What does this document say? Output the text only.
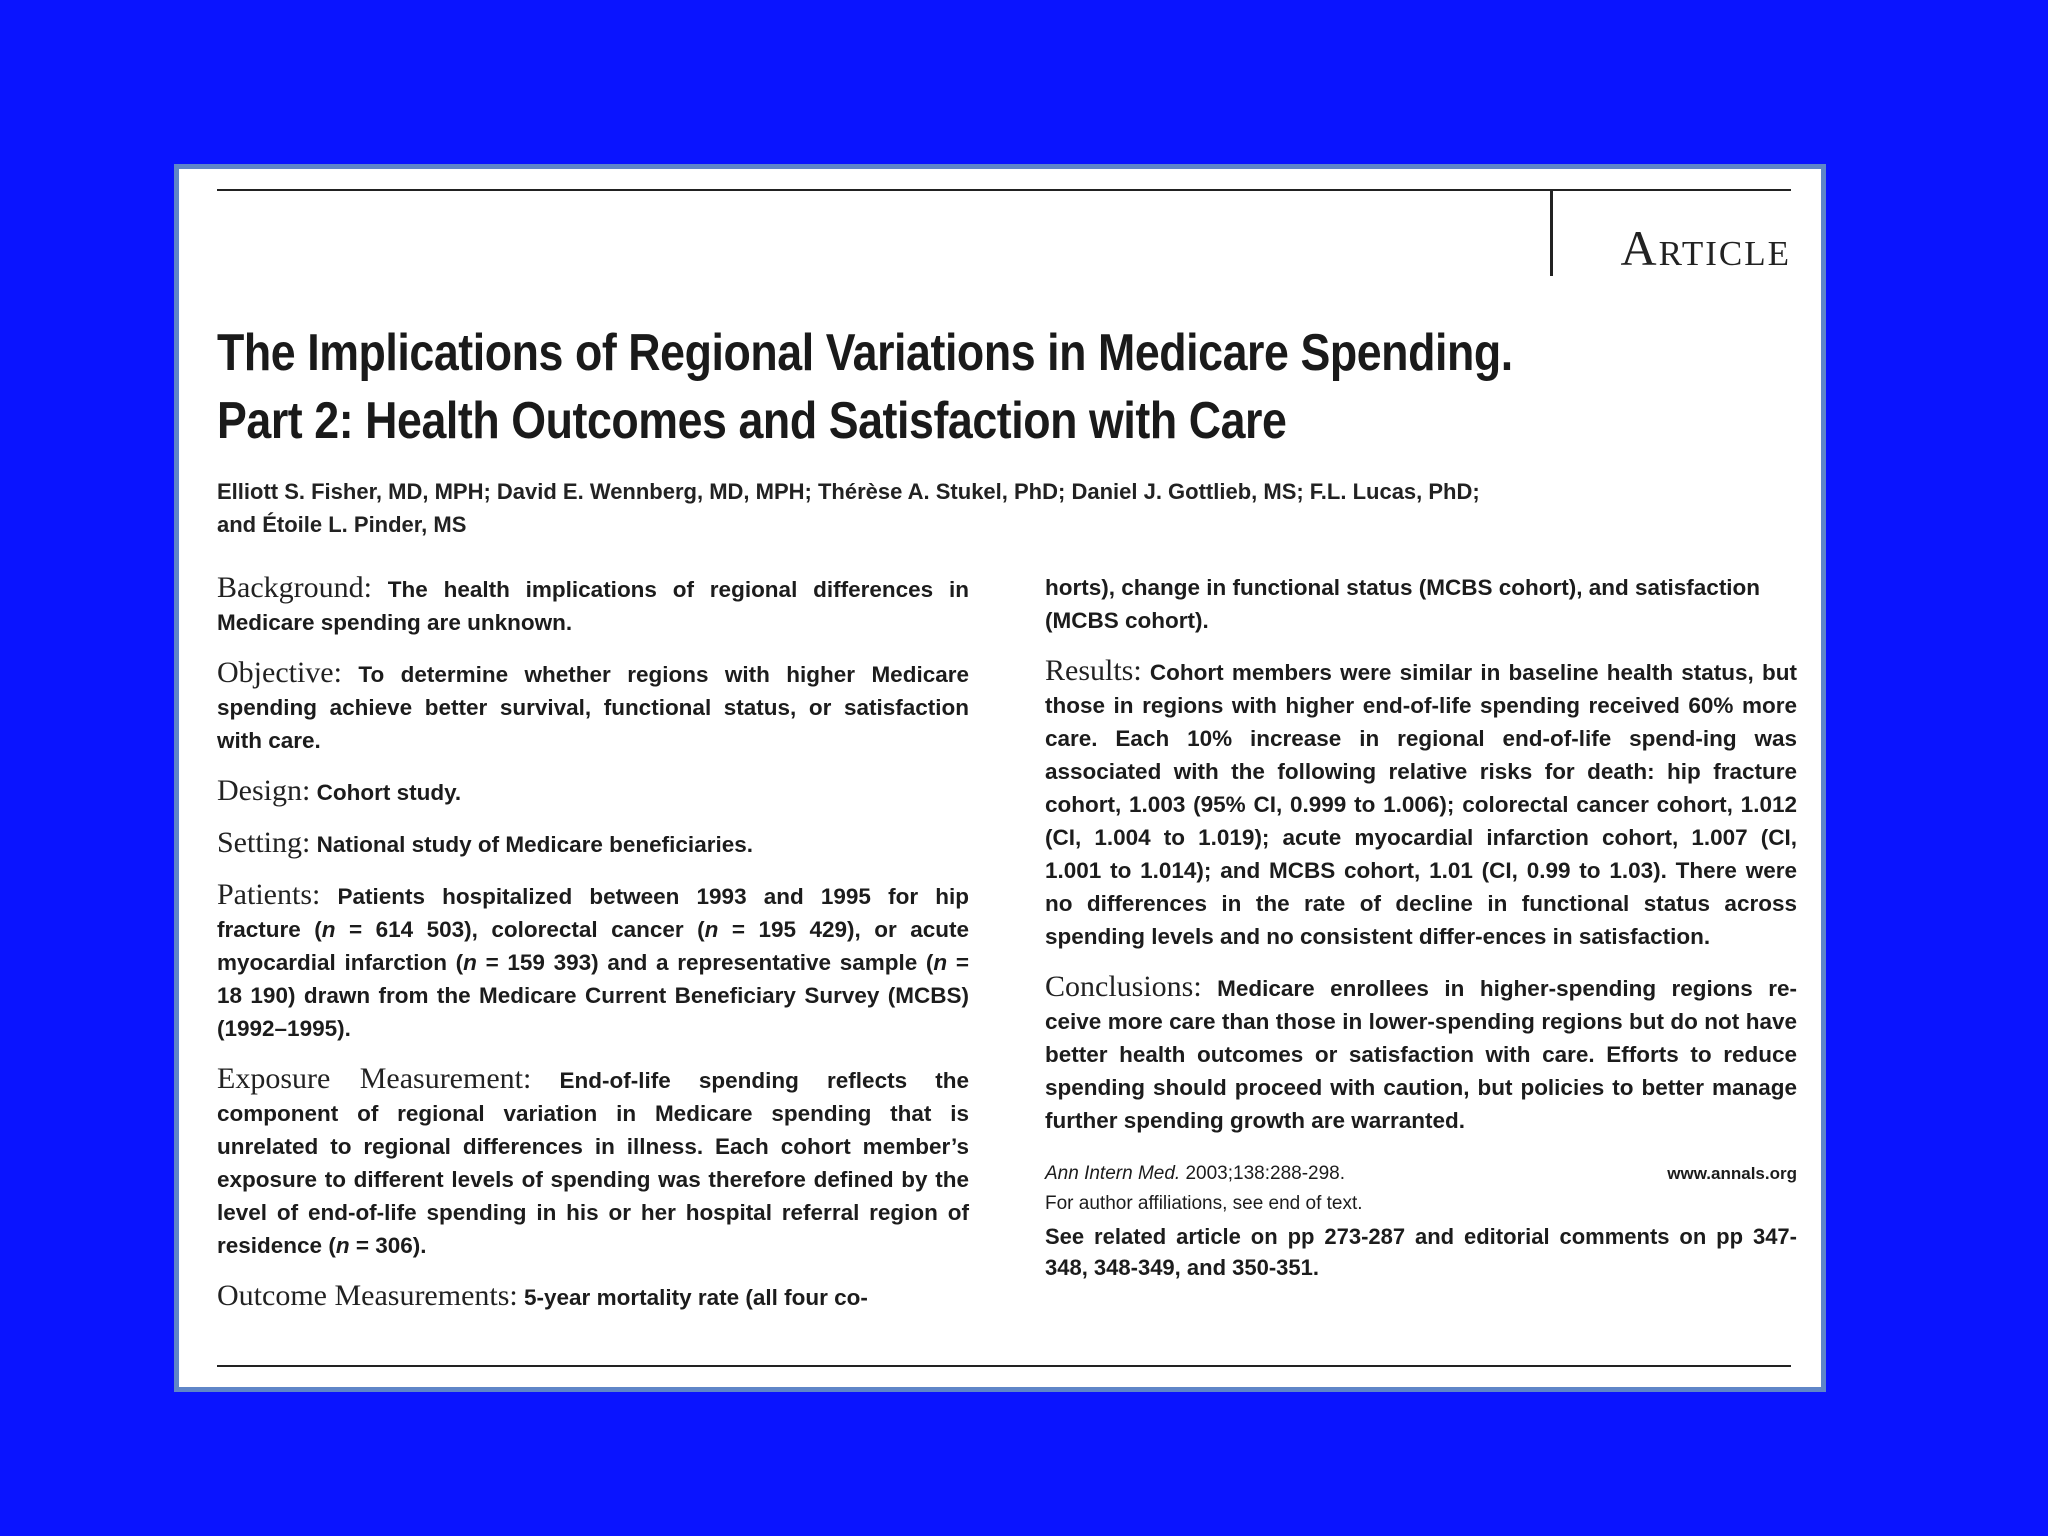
Article
The Implications of Regional Variations in Medicare Spending. Part 2: Health Outcomes and Satisfaction with Care
Elliott S. Fisher, MD, MPH; David E. Wennberg, MD, MPH; Thérèse A. Stukel, PhD; Daniel J. Gottlieb, MS; F.L. Lucas, PhD;
and Étoile L. Pinder, MS

Background: The health implications of regional differences in Medicare spending are unknown.

Objective: To determine whether regions with higher Medicare spending achieve better survival, functional status, or satisfaction with care.

Design: Cohort study.

Setting: National study of Medicare beneficiaries.

Patients: Patients hospitalized between 1993 and 1995 for hip fracture (n = 614 503), colorectal cancer (n = 195 429), or acute myocardial infarction (n = 159 393) and a representative sample (n = 18 190) drawn from the Medicare Current Beneficiary Survey (MCBS) (1992–1995).

Exposure Measurement: End-of-life spending reflects the component of regional variation in Medicare spending that is unrelated to regional differences in illness. Each cohort member’s exposure to different levels of spending was therefore defined by the level of end-of-life spending in his or her hospital referral region of residence (n = 306).

Outcome Measurements: 5-year mortality rate (all four co-

horts), change in functional status (MCBS cohort), and satisfaction (MCBS cohort).

Results: Cohort members were similar in baseline health status, but those in regions with higher end-of-life spending received 60% more care. Each 10% increase in regional end-of-life spend-ing was associated with the following relative risks for death: hip fracture cohort, 1.003 (95% CI, 0.999 to 1.006); colorectal cancer cohort, 1.012 (CI, 1.004 to 1.019); acute myocardial infarction cohort, 1.007 (CI, 1.001 to 1.014); and MCBS cohort, 1.01 (CI, 0.99 to 1.03). There were no differences in the rate of decline in functional status across spending levels and no consistent differ-ences in satisfaction.

Conclusions: Medicare enrollees in higher-spending regions re-ceive more care than those in lower-spending regions but do not have better health outcomes or satisfaction with care. Efforts to reduce spending should proceed with caution, but policies to better manage further spending growth are warranted.

Ann Intern Med. 2003;138:288-298.	www.annals.org
For author affiliations, see end of text.
See related article on pp 273-287 and editorial comments on pp 347-348, 348-349, and 350-351.
